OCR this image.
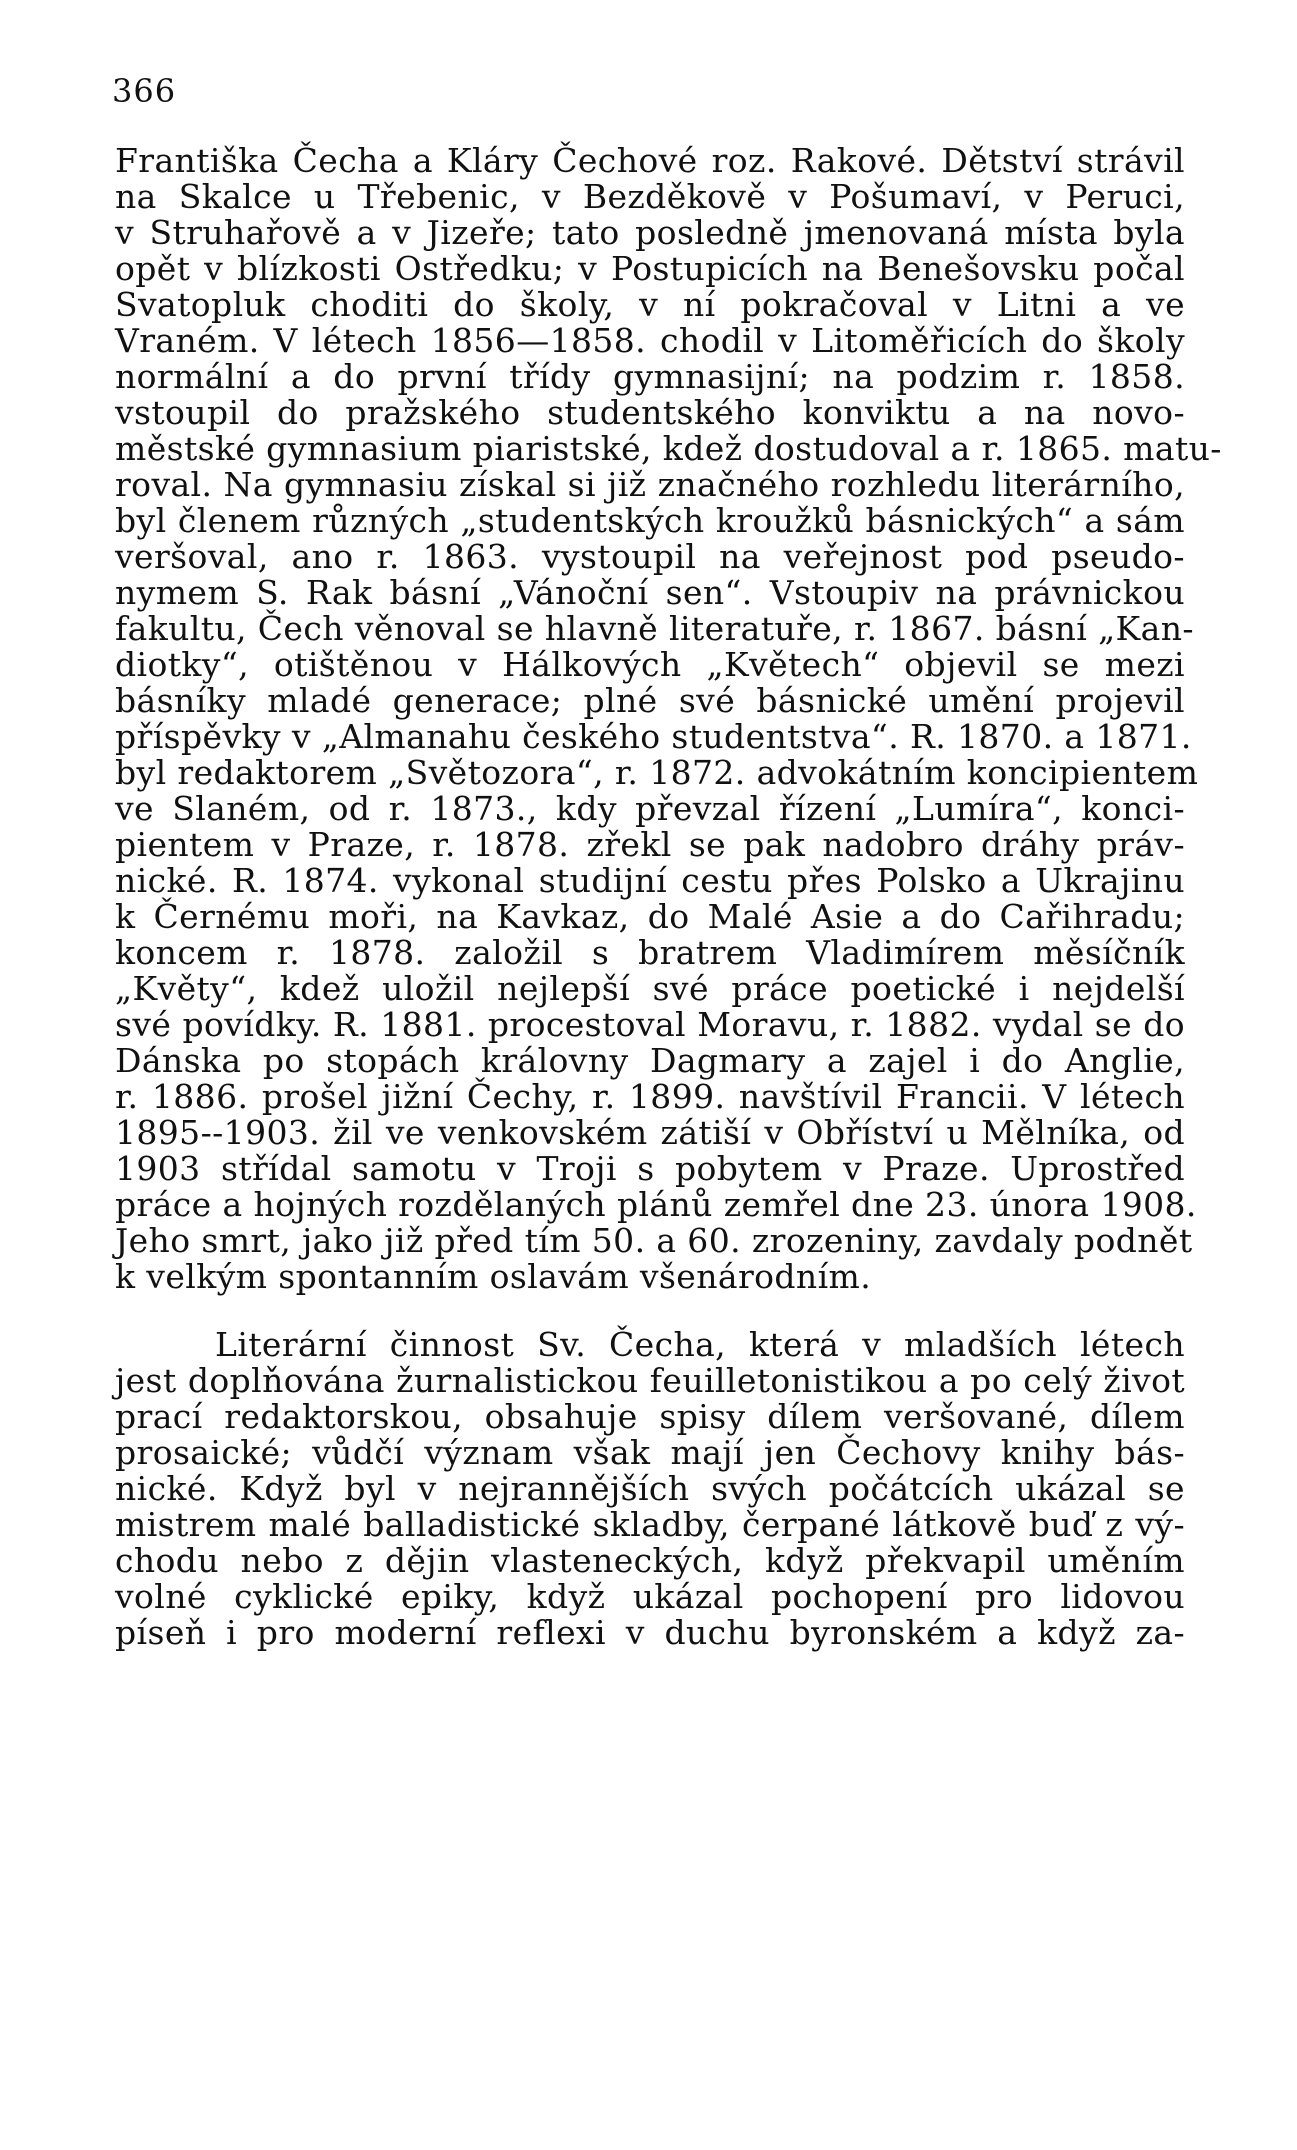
366
Františka Čecha a Kláry Čechové roz. Rakové. Dětství strávil
na Skalce u Třebenic, v Bezděkově v Pošumaví, v Peruci,
v Struhařově a v Jizeře; tato posledně jmenovaná místa byla
opět v blízkosti Ostředku; v Postupicích na Benešovsku počal
Svatopluk choditi do školy, v ní pokračoval v Litni a ve
Vraném. V létech 1856—1858. chodil v Litoměřicích do školy
normální a do první třídy gymnasijní; na podzim r. 1858.
vstoupil do pražského studentského konviktu a na novo-
městské gymnasium piaristské, kdež dostudoval a r. 1865. matu-
roval. Na gymnasiu získal si již značného rozhledu literárního,
byl členem různých „studentských kroužků básnických“ a sám
veršoval, ano r. 1863. vystoupil na veřejnost pod pseudo-
nymem S. Rak básní „Vánoční sen“. Vstoupiv na právnickou
fakultu, Čech věnoval se hlavně literatuře, r. 1867. básní „Kan-
diotky“, otištěnou v Hálkových „Květech“ objevil se mezi
básníky mladé generace; plné své básnické umění projevil
příspěvky v „Almanahu českého studentstva“. R. 1870. a 1871.
byl redaktorem „Světozora“, r. 1872. advokátním koncipientem
ve Slaném, od r. 1873., kdy převzal řízení „Lumíra“, konci-
pientem v Praze, r. 1878. zřekl se pak nadobro dráhy práv-
nické. R. 1874. vykonal studijní cestu přes Polsko a Ukrajinu
k Černému moři, na Kavkaz, do Malé Asie a do Cařihradu;
koncem r. 1878. založil s bratrem Vladimírem měsíčník
„Květy“, kdež uložil nejlepší své práce poetické i nejdelší
své povídky. R. 1881. procestoval Moravu, r. 1882. vydal se do
Dánska po stopách královny Dagmary a zajel i do Anglie,
r. 1886. prošel jižní Čechy, r. 1899. navštívil Francii. V létech
1895--1903. žil ve venkovském zátiší v Obříství u Mělníka, od
1903 střídal samotu v Troji s pobytem v Praze. Uprostřed
práce a hojných rozdělaných plánů zemřel dne 23. února 1908.
Jeho smrt, jako již před tím 50. a 60. zrozeniny, zavdaly podnět
k velkým spontanním oslavám všenárodním.
Literární činnost Sv. Čecha, která v mladších létech
jest doplňována žurnalistickou feuilletonistikou a po celý život
prací redaktorskou, obsahuje spisy dílem veršované, dílem
prosaické; vůdčí význam však mají jen Čechovy knihy bás-
nické. Když byl v nejrannějších svých počátcích ukázal se
mistrem malé balladistické skladby, čerpané látkově buď z vý-
chodu nebo z dějin vlasteneckých, když překvapil uměním
volné cyklické epiky, když ukázal pochopení pro lidovou
píseň i pro moderní reflexi v duchu byronském a když za-
